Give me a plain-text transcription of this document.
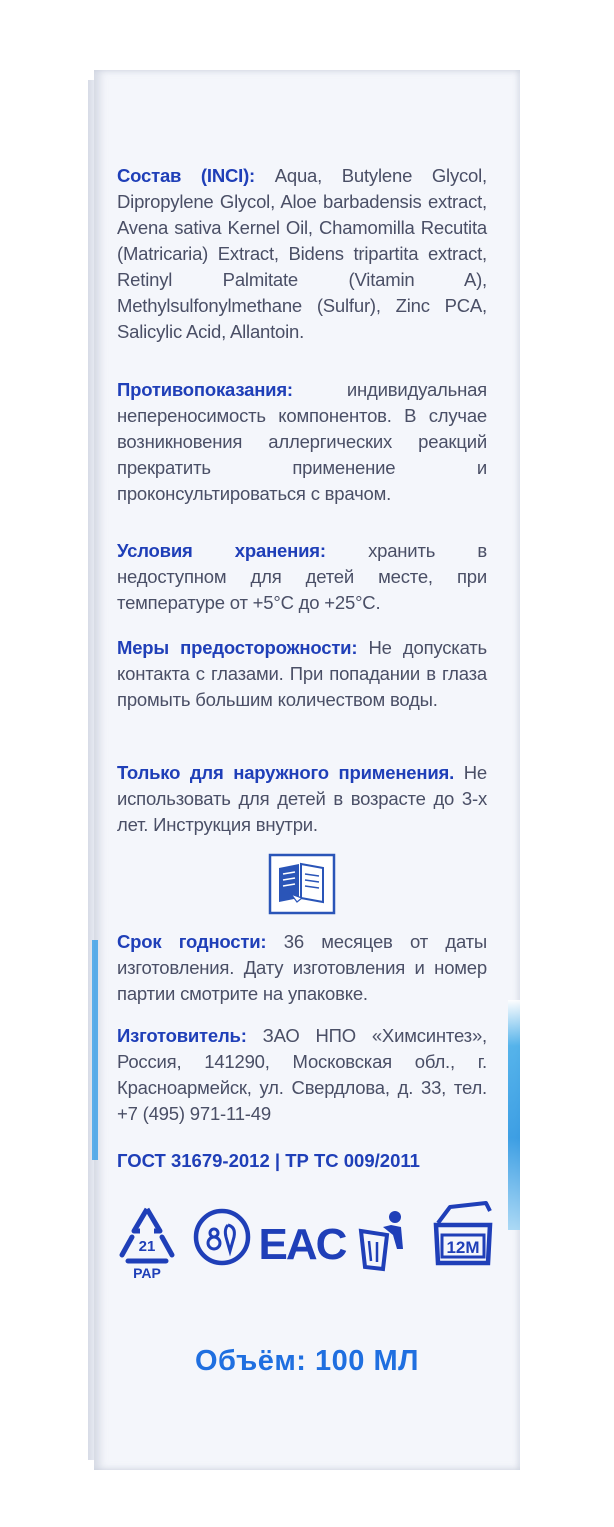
Состав (INCI): Aqua, Butylene Glycol, Dipropylene Glycol, Aloe barbadensis extract, Avena sativa Kernel Oil, Chamomilla Recutita (Matricaria) Extract, Bidens tripartita extract, Retinyl Palmitate (Vitamin A), Methylsulfonylmethane (Sulfur), Zinc PCA, Salicylic Acid, Allantoin.
Противопоказания:	индивидуальная непереносимость компонентов. В случае возникновения аллергических реакций прекратить применение и проконсультироваться с врачом.
Условия хранения: хранить в недоступном для детей месте, при температуре от +5°С до +25°С.
Меры предосторожности: Не допускать контакта с глазами. При попадании в глаза промыть большим количеством воды.
Только для наружного применения. Не использовать для детей в возрасте до 3-х лет. Инструкция внутри.
Срок годности: 36 месяцев от даты изготовления. Дату изготовления и номер партии смотрите на упаковке.
Изготовитель: ЗАО НПО «Химсинтез», Россия, 141290, Московская обл., г. Красноармейск, ул. Свердлова, д. 33, тел. +7 (495) 971-11-49
ГОСТ 31679-2012 | ТР ТС 009/2011
21
PAP
EAC	12M
Объём: 100 МЛ
